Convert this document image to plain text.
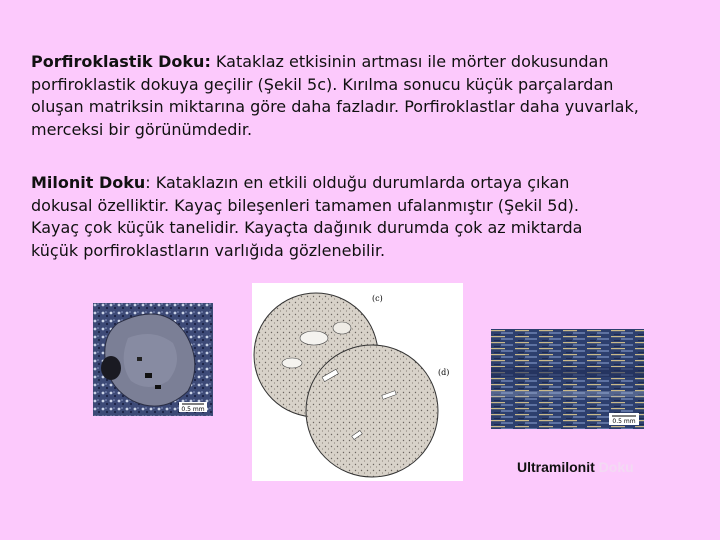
Porfiroklastik Doku: Kataklaz etkisinin artması ile mörter dokusundan
porfiroklastik dokuya geçilir (Şekil 5c). Kırılma sonucu küçük parçalardan
oluşan matriksin miktarına göre daha fazladır. Porfiroklastlar daha yuvarlak,
merceksi bir görünümdedir.
Milonit Doku: Kataklazın en etkili olduğu durumlarda ortaya çıkan
dokusal özelliktir. Kayaç bileşenleri tamamen ufalanmıştır (Şekil 5d).
Kayaç çok küçük tanelidir. Kayaçta dağınık durumda çok az miktarda
küçük porfiroklastların varlığıda gözlenebilir.
0.5 mm
(c)
(d)
0.5 mm
Ultramilonit Doku
